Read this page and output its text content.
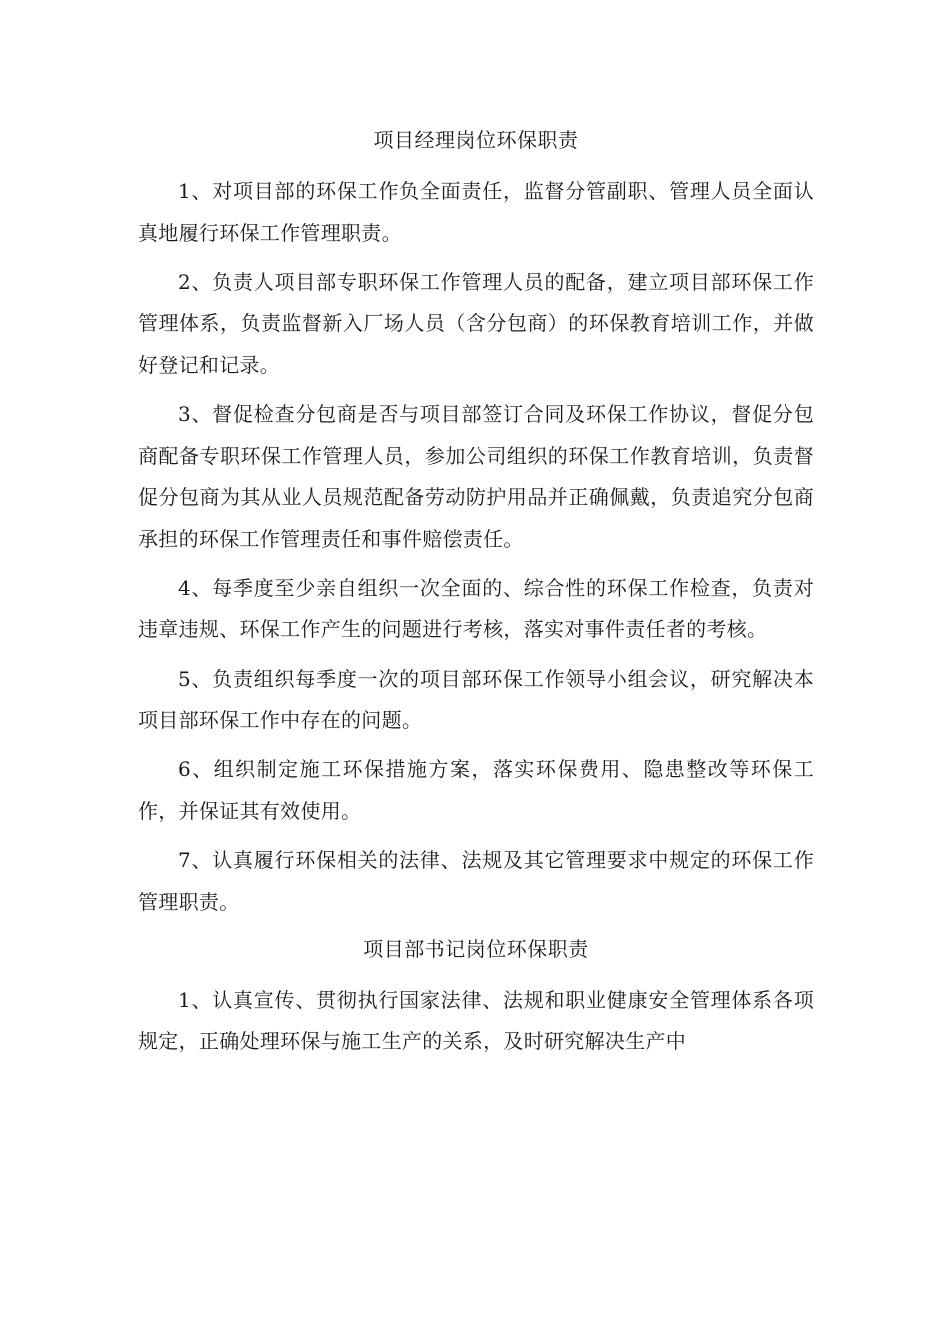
项目经理岗位环保职责

1、对项目部的环保工作负全面责任，监督分管副职、管理人员全面认真地履行环保工作管理职责。

2、负责人项目部专职环保工作管理人员的配备，建立项目部环保工作管理体系，负责监督新入厂场人员（含分包商）的环保教育培训工作，并做好登记和记录。

3、督促检查分包商是否与项目部签订合同及环保工作协议，督促分包商配备专职环保工作管理人员，参加公司组织的环保工作教育培训，负责督促分包商为其从业人员规范配备劳动防护用品并正确佩戴，负责追究分包商承担的环保工作管理责任和事件赔偿责任。

4、每季度至少亲自组织一次全面的、综合性的环保工作检查，负责对违章违规、环保工作产生的问题进行考核，落实对事件责任者的考核。

5、负责组织每季度一次的项目部环保工作领导小组会议，研究解决本项目部环保工作中存在的问题。

6、组织制定施工环保措施方案，落实环保费用、隐患整改等环保工作，并保证其有效使用。

7、认真履行环保相关的法律、法规及其它管理要求中规定的环保工作管理职责。

项目部书记岗位环保职责

1、认真宣传、贯彻执行国家法律、法规和职业健康安全管理体系各项规定，正确处理环保与施工生产的关系，及时研究解决生产中
